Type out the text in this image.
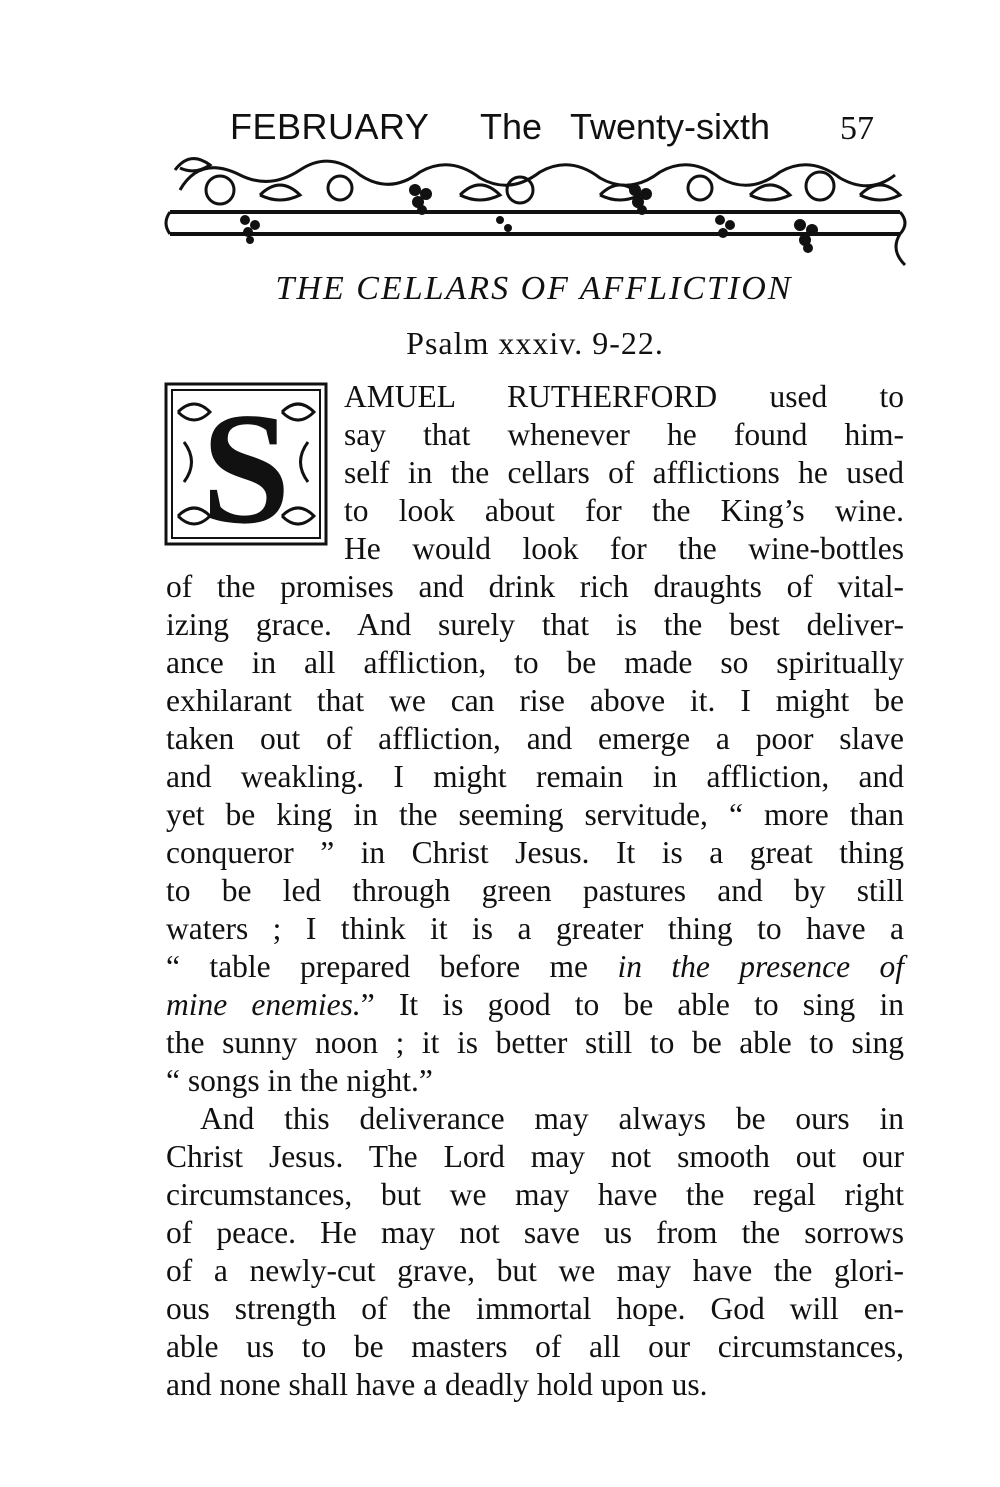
FEBRUARY The Twenty-sixth 57
THE CELLARS OF AFFLICTION
Psalm xxxiv. 9-22.
S AMUEL RUTHERFORD used to
say that whenever he found him-
self in the cellars of afflictions he used
to look about for the King’s wine.
He would look for the wine-bottles
of the promises and drink rich draughts of vital-
izing grace. And surely that is the best deliver-
ance in all affliction, to be made so spiritually
exhilarant that we can rise above it. I might be
taken out of affliction, and emerge a poor slave
and weakling. I might remain in affliction, and
yet be king in the seeming servitude, “ more than
conqueror ” in Christ Jesus. It is a great thing
to be led through green pastures and by still
waters ; I think it is a greater thing to have a
“ table prepared before me in the presence of
mine enemies.” It is good to be able to sing in
the sunny noon ; it is better still to be able to sing
“ songs in the night.”
And this deliverance may always be ours in
Christ Jesus. The Lord may not smooth out our
circumstances, but we may have the regal right
of peace. He may not save us from the sorrows
of a newly-cut grave, but we may have the glori-
ous strength of the immortal hope. God will en-
able us to be masters of all our circumstances,
and none shall have a deadly hold upon us.
